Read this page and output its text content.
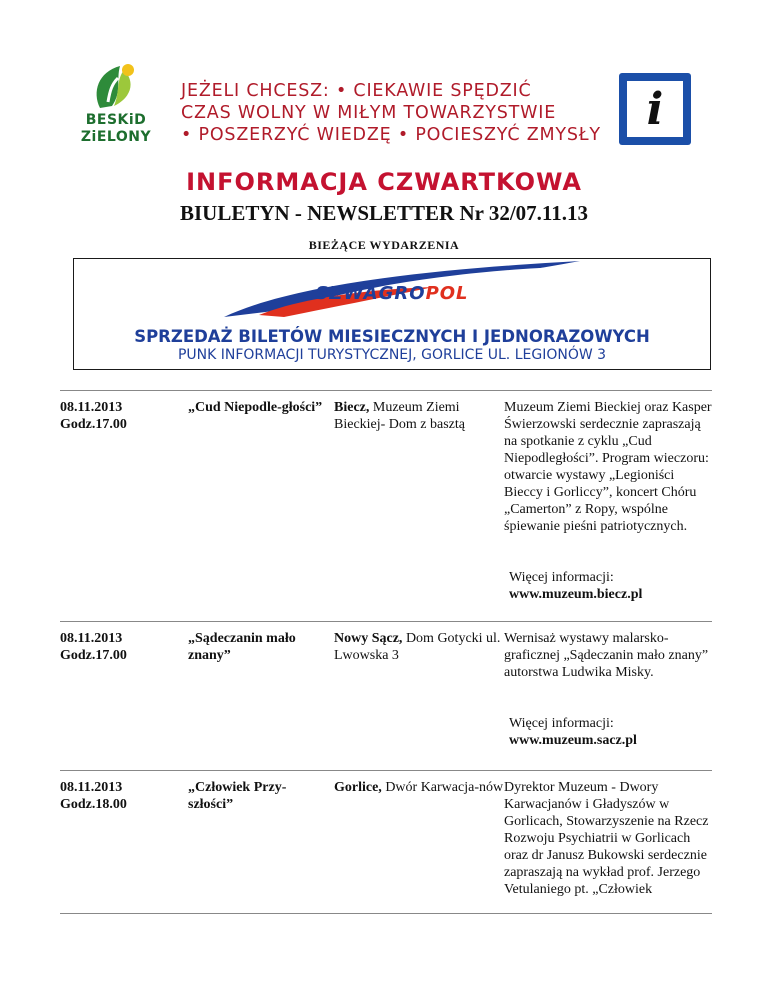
BESKiD
ZiELONY
JEŻELI CHCESZ: • CIEKAWIE SPĘDZIĆ
CZAS WOLNY W MIŁYM TOWARZYSTWIE
• POSZERZYĆ WIEDZĘ • POCIESZYĆ ZMYSŁY
i
INFORMACJA CZWARTKOWA
BIULETYN - NEWSLETTER Nr 32/07.11.13
BIEŻĄCE WYDARZENIA
SZWAGROPOL
SPRZEDAŻ BILETÓW MIESIECZNYCH I JEDNORAZOWYCH
PUNK INFORMACJI TURYSTYCZNEJ, GORLICE UL. LEGIONÓW 3
08.11.2013
Godz.17.00
„Cud Niepodle-głości” Biecz, Muzeum Ziemi Bieckiej- Dom z basztą
Muzeum Ziemi Bieckiej oraz Kasper Świerzowski serdecznie zapraszają na spotkanie z cyklu „Cud Niepodległości”. Program wieczoru: otwarcie wystawy „Legioniści Bieccy i Gorliccy”, koncert Chóru „Camerton” z Ropy, wspólne śpiewanie pieśni patriotycznych.
Więcej informacji:
www.muzeum.biecz.pl
08.11.2013
Godz.17.00
„Sądeczanin mało znany”
Nowy Sącz, Dom Gotycki ul. Lwowska 3
Wernisaż wystawy malarsko-graficznej „Sądeczanin mało znany” autorstwa Ludwika Misky.
Więcej informacji:
www.muzeum.sacz.pl
08.11.2013
Godz.18.00
„Człowiek Przy-szłości”
Gorlice, Dwór Karwacja-nów Dyrektor Muzeum - Dwory Karwacjanów i Gładyszów w Gorlicach, Stowarzyszenie na Rzecz Rozwoju Psychiatrii w Gorlicach oraz dr Janusz Bukowski serdecznie zapraszają na wykład prof. Jerzego Vetulaniego pt. „Człowiek
